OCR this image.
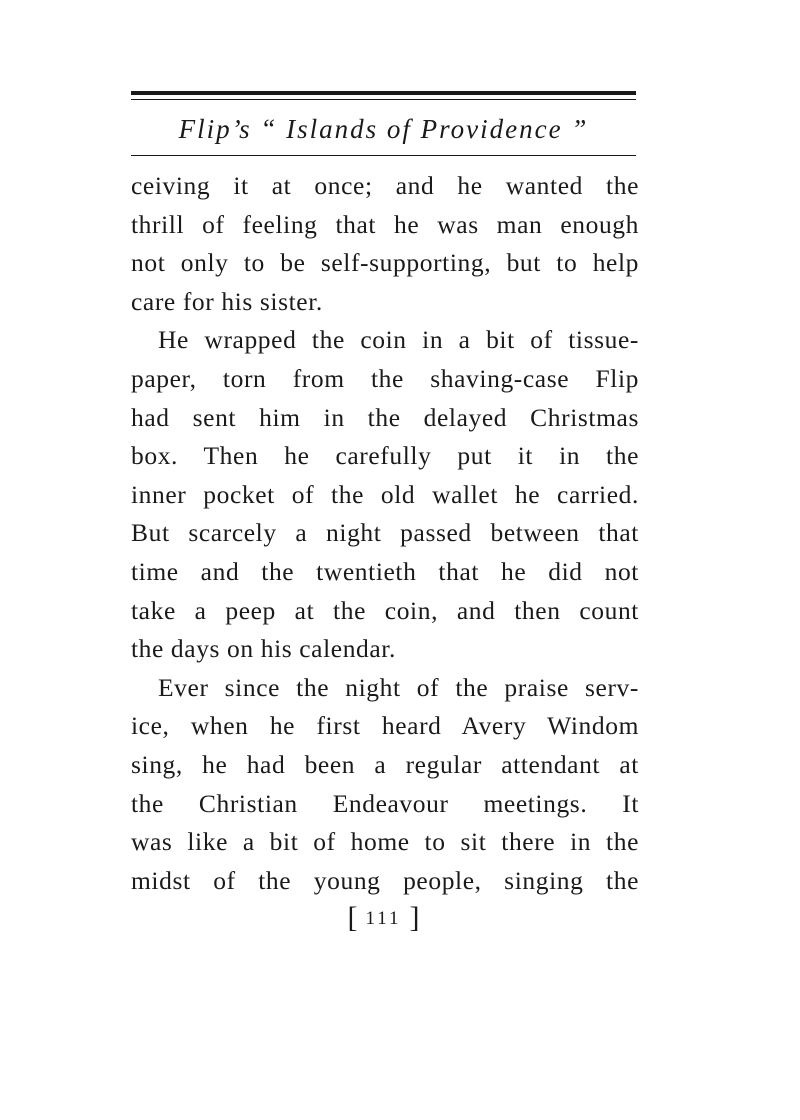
Flip’s “ Islands of Providence ”
ceiving it at once; and he wanted the
thrill of feeling that he was man enough
not only to be self-supporting, but to help
care for his sister.
He wrapped the coin in a bit of tissue-
paper, torn from the shaving-case Flip
had sent him in the delayed Christmas
box. Then he carefully put it in the
inner pocket of the old wallet he carried.
But scarcely a night passed between that
time and the twentieth that he did not
take a peep at the coin, and then count
the days on his calendar.
Ever since the night of the praise serv-
ice, when he first heard Avery Windom
sing, he had been a regular attendant at
the Christian Endeavour meetings. It
was like a bit of home to sit there in the
midst of the young people, singing the
[ 111 ]
